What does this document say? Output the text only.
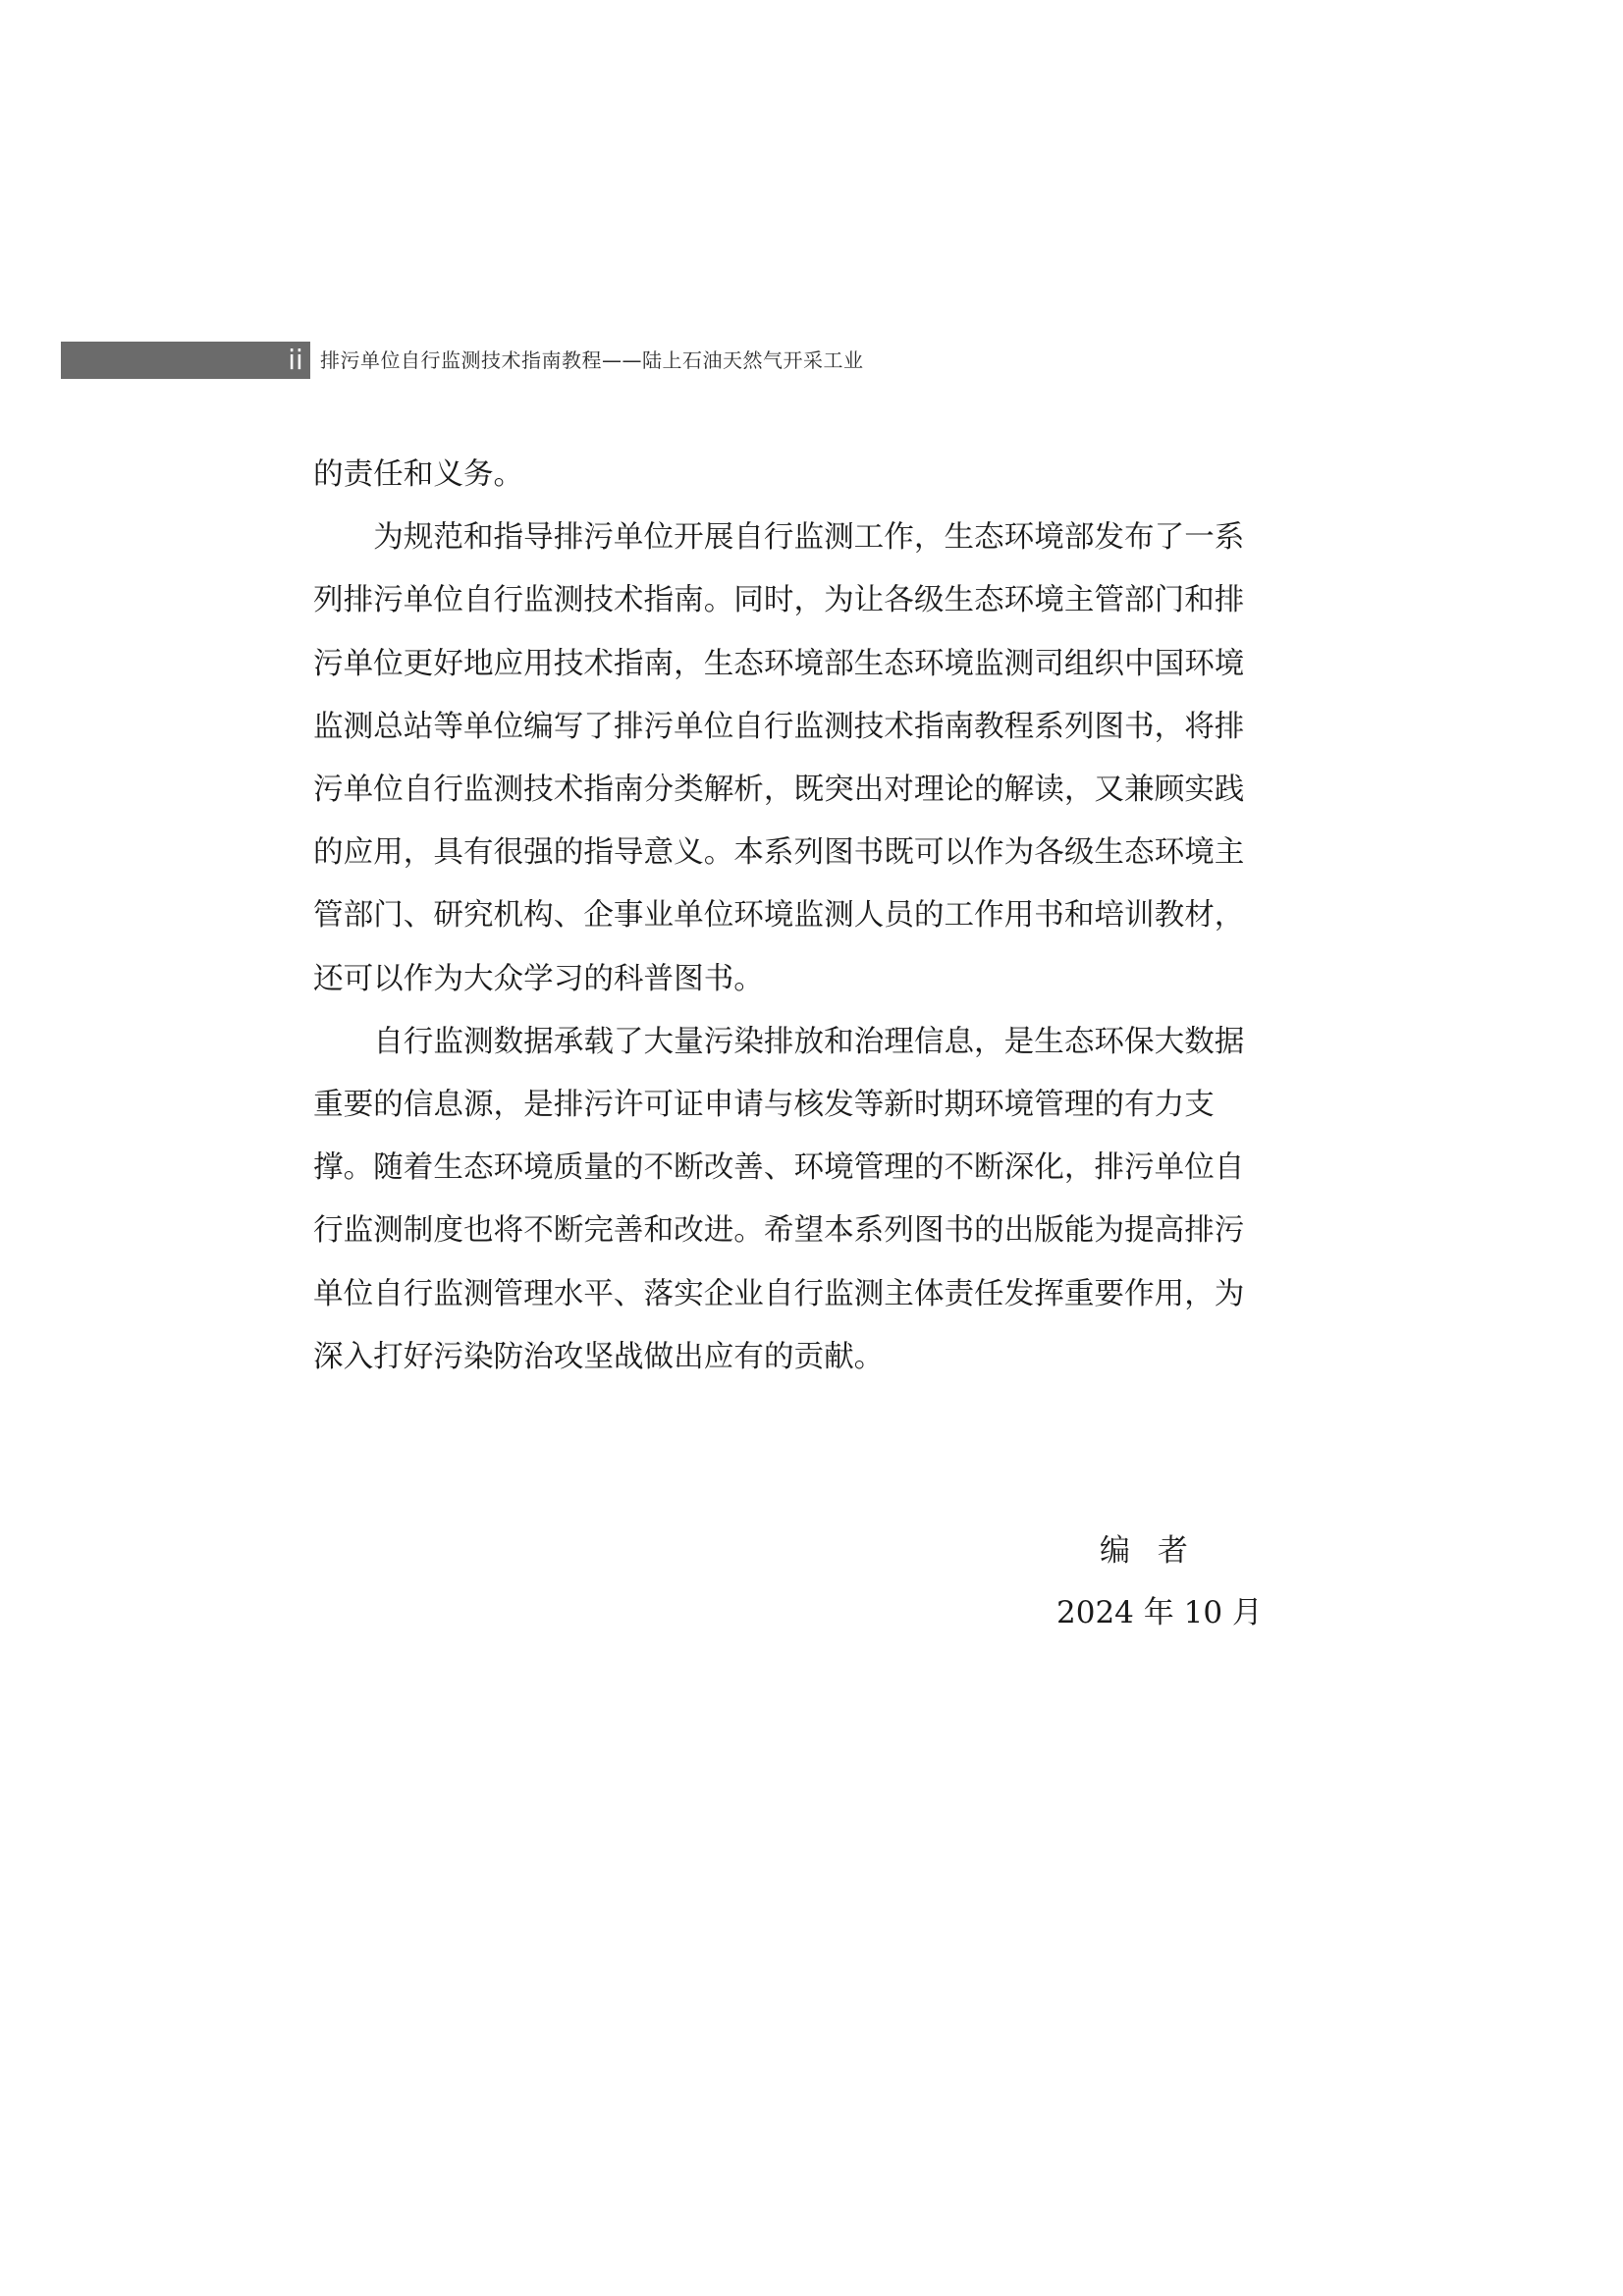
ii 排污单位自行监测技术指南教程——陆上石油天然气开采工业

的责任和义务。

为规范和指导排污单位开展自行监测工作，生态环境部发布了一系

列排污单位自行监测技术指南。同时，为让各级生态环境主管部门和排

污单位更好地应用技术指南，生态环境部生态环境监测司组织中国环境

监测总站等单位编写了排污单位自行监测技术指南教程系列图书，将排

污单位自行监测技术指南分类解析，既突出对理论的解读，又兼顾实践

的应用，具有很强的指导意义。本系列图书既可以作为各级生态环境主

管部门、研究机构、企事业单位环境监测人员的工作用书和培训教材，

还可以作为大众学习的科普图书。

自行监测数据承载了大量污染排放和治理信息，是生态环保大数据

重要的信息源，是排污许可证申请与核发等新时期环境管理的有力支

撑。随着生态环境质量的不断改善、环境管理的不断深化，排污单位自

行监测制度也将不断完善和改进。希望本系列图书的出版能为提高排污

单位自行监测管理水平、落实企业自行监测主体责任发挥重要作用，为

深入打好污染防治攻坚战做出应有的贡献。

编者
2024 年 10 月
